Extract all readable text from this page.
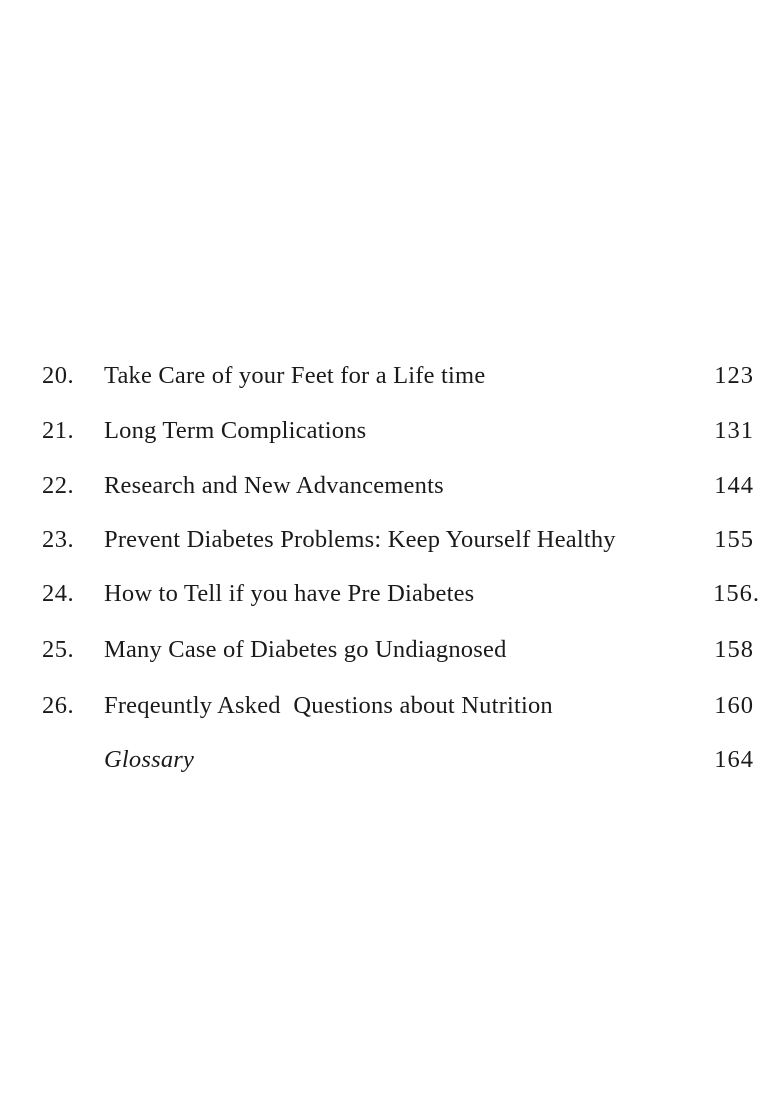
20. Take Care of your Feet for a Life time	123
21. Long Term Complications	131
22. Research and New Advancements	144
23. Prevent Diabetes Problems: Keep Yourself Healthy	155
24. How to Tell if you have Pre Diabetes	156.
25. Many Case of Diabetes go Undiagnosed	158
26. Freqeuntly Asked  Questions about Nutrition	160
Glossary	164
